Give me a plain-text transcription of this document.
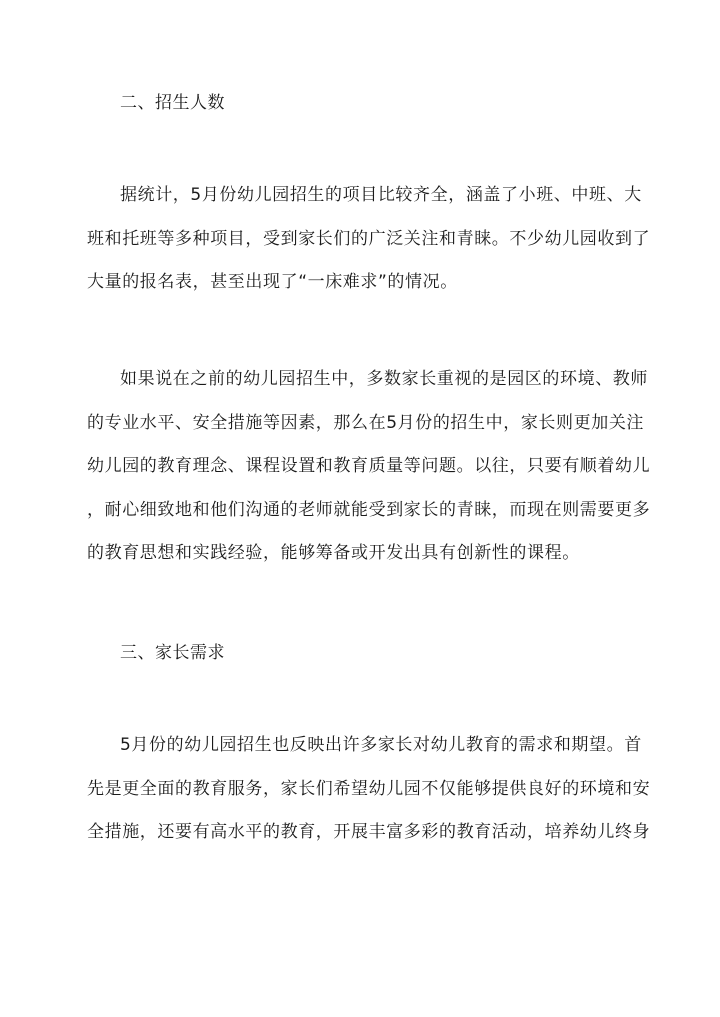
二、招生人数
据统计，5月份幼儿园招生的项目比较齐全，涵盖了小班、中班、大
班和托班等多种项目，受到家长们的广泛关注和青睐。不少幼儿园收到了
大量的报名表，甚至出现了“一床难求”的情况。
如果说在之前的幼儿园招生中，多数家长重视的是园区的环境、教师
的专业水平、安全措施等因素，那么在5月份的招生中，家长则更加关注
幼儿园的教育理念、课程设置和教育质量等问题。以往，只要有顺着幼儿
，耐心细致地和他们沟通的老师就能受到家长的青睐，而现在则需要更多
的教育思想和实践经验，能够筹备或开发出具有创新性的课程。
三、家长需求
5月份的幼儿园招生也反映出许多家长对幼儿教育的需求和期望。首
先是更全面的教育服务，家长们希望幼儿园不仅能够提供良好的环境和安
全措施，还要有高水平的教育，开展丰富多彩的教育活动，培养幼儿终身
